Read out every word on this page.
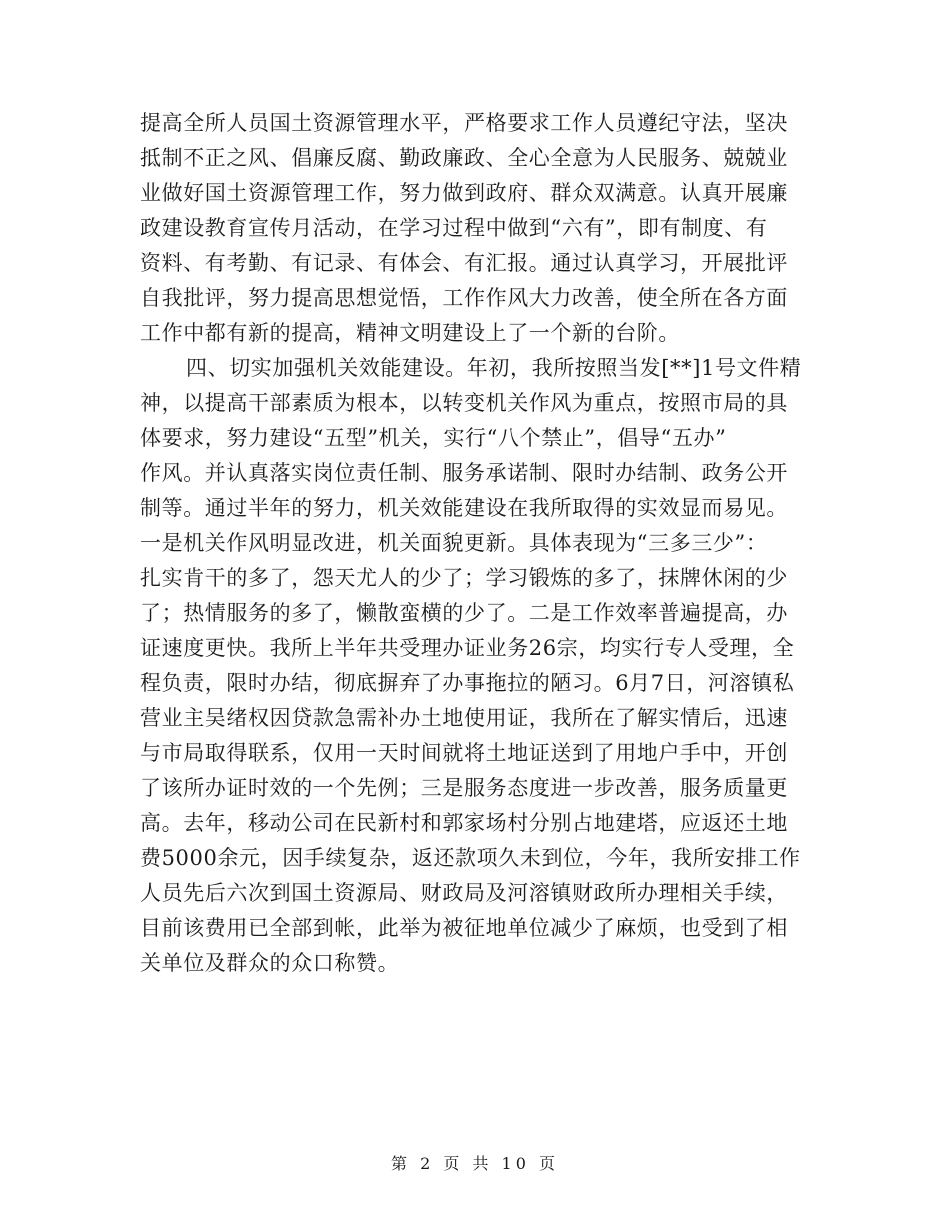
提高全所人员国土资源管理水平，严格要求工作人员遵纪守法，坚决
抵制不正之风、倡廉反腐、勤政廉政、全心全意为人民服务、兢兢业
业做好国土资源管理工作，努力做到政府、群众双满意。认真开展廉
政建设教育宣传月活动，在学习过程中做到“六有”，即有制度、有
资料、有考勤、有记录、有体会、有汇报。通过认真学习，开展批评
自我批评，努力提高思想觉悟，工作作风大力改善，使全所在各方面
工作中都有新的提高，精神文明建设上了一个新的台阶。
四、切实加强机关效能建设。年初，我所按照当发[**]1号文件精
神，以提高干部素质为根本，以转变机关作风为重点，按照市局的具
体要求，努力建设“五型”机关，实行“八个禁止”，倡导“五办”
作风。并认真落实岗位责任制、服务承诺制、限时办结制、政务公开
制等。通过半年的努力，机关效能建设在我所取得的实效显而易见。
一是机关作风明显改进，机关面貌更新。具体表现为“三多三少”：
扎实肯干的多了，怨天尤人的少了；学习锻炼的多了，抹牌休闲的少
了；热情服务的多了，懒散蛮横的少了。二是工作效率普遍提高，办
证速度更快。我所上半年共受理办证业务26宗，均实行专人受理，全
程负责，限时办结，彻底摒弃了办事拖拉的陋习。6月7日，河溶镇私
营业主吴绪权因贷款急需补办土地使用证，我所在了解实情后，迅速
与市局取得联系，仅用一天时间就将土地证送到了用地户手中，开创
了该所办证时效的一个先例；三是服务态度进一步改善，服务质量更
高。去年，移动公司在民新村和郭家场村分别占地建塔，应返还土地
费5000余元，因手续复杂，返还款项久未到位，今年，我所安排工作
人员先后六次到国土资源局、财政局及河溶镇财政所办理相关手续，
目前该费用已全部到帐，此举为被征地单位减少了麻烦，也受到了相
关单位及群众的众口称赞。
第 2 页 共 10 页
